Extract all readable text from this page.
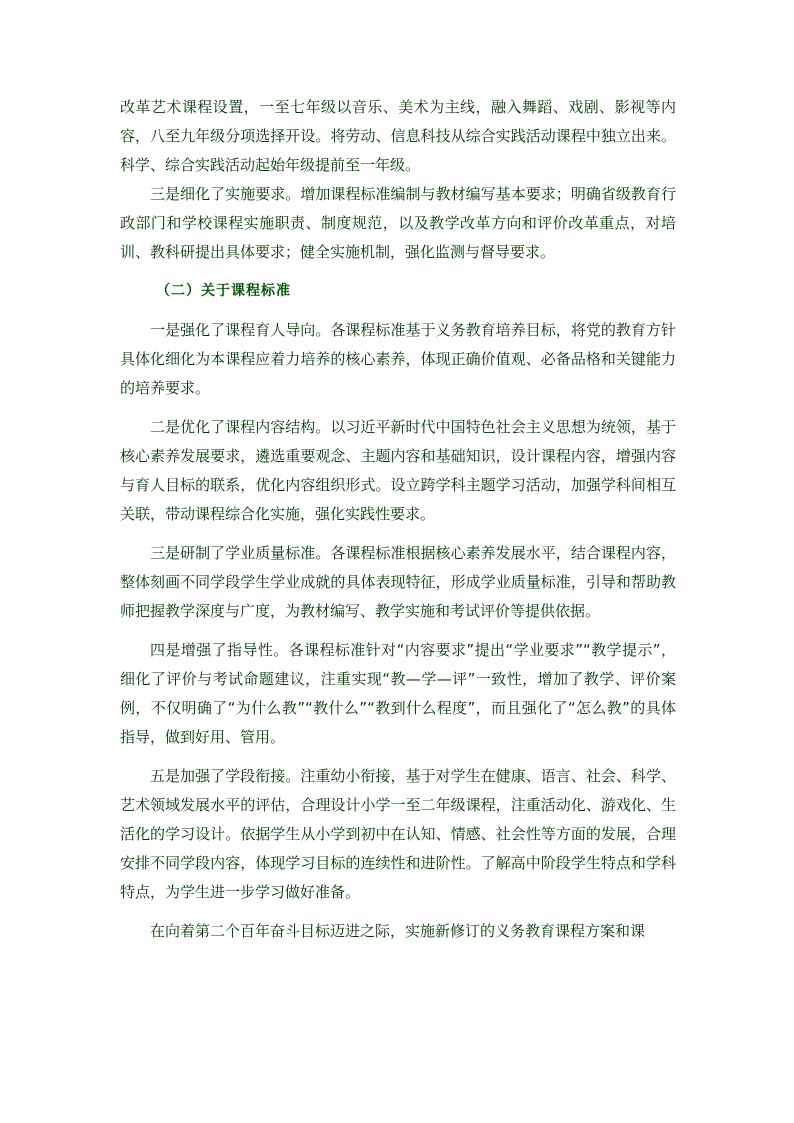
改革艺术课程设置，一至七年级以音乐、美术为主线，融入舞蹈、戏剧、影视等内容，八至九年级分项选择开设。将劳动、信息科技从综合实践活动课程中独立出来。科学、综合实践活动起始年级提前至一年级。

三是细化了实施要求。增加课程标准编制与教材编写基本要求；明确省级教育行政部门和学校课程实施职责、制度规范，以及教学改革方向和评价改革重点，对培训、教科研提出具体要求；健全实施机制，强化监测与督导要求。

（二）关于课程标准

一是强化了课程育人导向。各课程标准基于义务教育培养目标，将党的教育方针具体化细化为本课程应着力培养的核心素养，体现正确价值观、必备品格和关键能力的培养要求。

二是优化了课程内容结构。以习近平新时代中国特色社会主义思想为统领，基于核心素养发展要求，遴选重要观念、主题内容和基础知识，设计课程内容，增强内容与育人目标的联系，优化内容组织形式。设立跨学科主题学习活动，加强学科间相互关联，带动课程综合化实施，强化实践性要求。

三是研制了学业质量标准。各课程标准根据核心素养发展水平，结合课程内容，整体刻画不同学段学生学业成就的具体表现特征，形成学业质量标准，引导和帮助教师把握教学深度与广度，为教材编写、教学实施和考试评价等提供依据。

四是增强了指导性。各课程标准针对“内容要求”提出“学业要求”“教学提示”，细化了评价与考试命题建议，注重实现“教—学—评”一致性，增加了教学、评价案例，不仅明确了“为什么教”“教什么”“教到什么程度”，而且强化了“怎么教”的具体指导，做到好用、管用。

五是加强了学段衔接。注重幼小衔接，基于对学生在健康、语言、社会、科学、艺术领域发展水平的评估，合理设计小学一至二年级课程，注重活动化、游戏化、生活化的学习设计。依据学生从小学到初中在认知、情感、社会性等方面的发展，合理安排不同学段内容，体现学习目标的连续性和进阶性。了解高中阶段学生特点和学科特点，为学生进一步学习做好准备。

在向着第二个百年奋斗目标迈进之际，实施新修订的义务教育课程方案和课
